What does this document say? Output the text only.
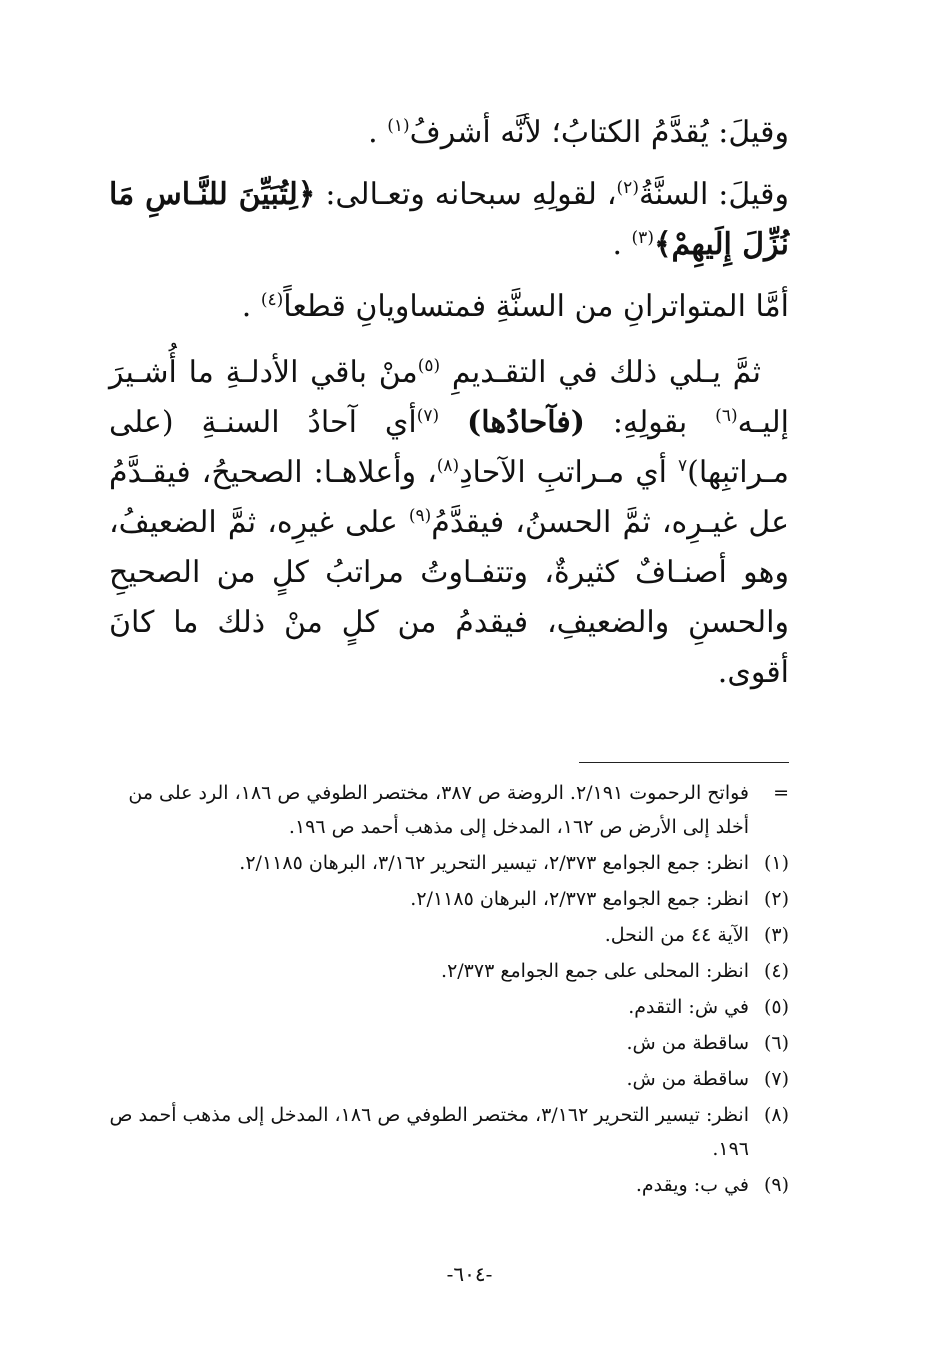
وقيلَ: يُقدَّمُ الكتابُ؛ لأنَّه أشرفُ$^{(١)}$ .

وقيلَ: السنَّةُ$^{(٢)}$، لقولِهِ سبحانه وتعـالى: ﴿لِتُبَيِّنَ للنَّـاسِ مَا نُزِّلَ إِلَيهِمْ﴾$^{(٣)}$ .

أمَّا المتواترانِ من السنَّةِ فمتساويانِ قطعاً$^{(٤)}$ .

ثمَّ يـلي ذلك في التقـديمِ $^{(٥)}$منْ باقي الأدلـةِ ما أُشـيرَ إليـه$^{(٦)}$ بقولِهِ: (فآحادُها) $^{(٧)}$أي آحادُ السنـةِ (على مـراتبِها)$^٧$ أي مـراتبِ الآحادِ$^{(٨)}$، وأعلاهـا: الصحيحُ، فيقـدَّمُ عل غيـرِه، ثمَّ الحسنُ، فيقدَّمُ$^{(٩)}$ على غيرِه، ثمَّ الضعيفُ، وهو أصنـافٌ كثيرةٌ، وتتفـاوتُ مراتبُ كلٍ من الصحيحِ والحسنِ والضعيفِ، فيقدمُ من كلٍ منْ ذلك ما كانَ أقوى.

=
فواتح الرحموت ٢/١٩١. الروضة ص ٣٨٧، مختصر الطوفي ص ١٨٦، الرد على من أخلد إلى الأرض ص ١٦٢، المدخل إلى مذهب أحمد ص ١٩٦.
(١)
انظر: جمع الجوامع ٢/٣٧٣، تيسير التحرير ٣/١٦٢، البرهان ٢/١١٨٥.
(٢)
انظر: جمع الجوامع ٢/٣٧٣، البرهان ٢/١١٨٥.
(٣)
الآية ٤٤ من النحل.
(٤)
انظر: المحلى على جمع الجوامع ٢/٣٧٣.
(٥)
في ش: التقدم.
(٦)
ساقطة من ش.
(٧)
ساقطة من ش.
(٨)
انظر: تيسير التحرير ٣/١٦٢، مختصر الطوفي ص ١٨٦، المدخل إلى مذهب أحمد ص ١٩٦.
(٩)
في ب: ويقدم.
-٦٠٤-
